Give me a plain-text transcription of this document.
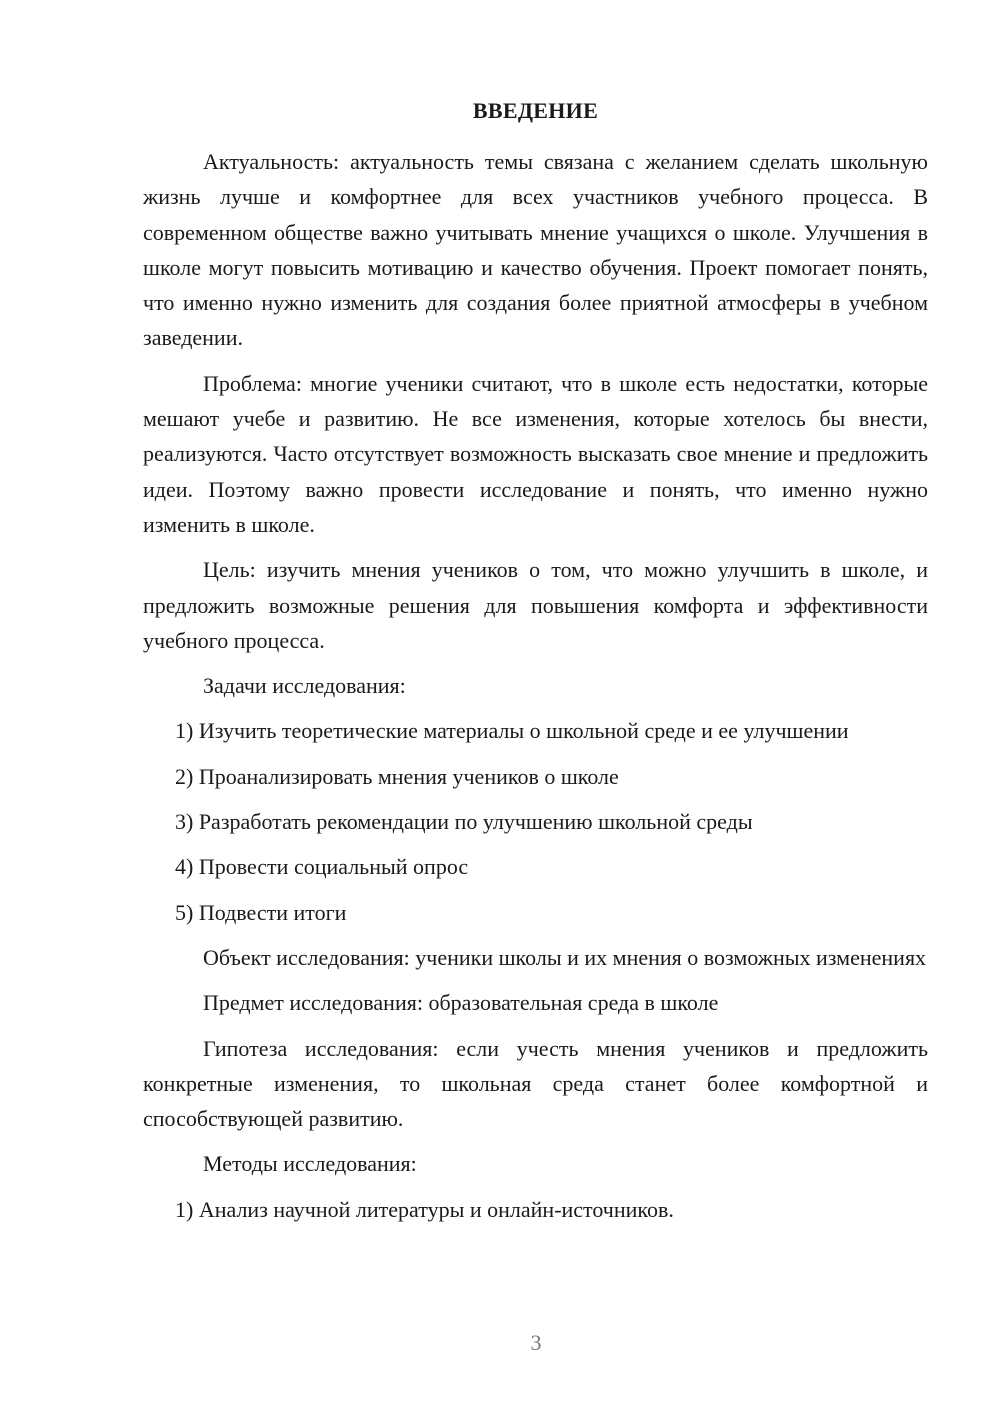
ВВЕДЕНИЕ

Актуальность: актуальность темы связана с желанием сделать школьную жизнь лучше и комфортнее для всех участников учебного процесса. В современном обществе важно учитывать мнение учащихся о школе. Улучшения в школе могут повысить мотивацию и качество обучения. Проект помогает понять, что именно нужно изменить для создания более приятной атмосферы в учебном заведении.

Проблема: многие ученики считают, что в школе есть недостатки, которые мешают учебе и развитию. Не все изменения, которые хотелось бы внести, реализуются. Часто отсутствует возможность высказать свое мнение и предложить идеи. Поэтому важно провести исследование и понять, что именно нужно изменить в школе.

Цель: изучить мнения учеников о том, что можно улучшить в школе, и предложить возможные решения для повышения комфорта и эффективности учебного процесса.

Задачи исследования:

1) Изучить теоретические материалы о школьной среде и ее улучшении
2) Проанализировать мнения учеников о школе
3) Разработать рекомендации по улучшению школьной среды
4) Провести социальный опрос
5) Подвести итоги

Объект исследования: ученики школы и их мнения о возможных изменениях

Предмет исследования: образовательная среда в школе

Гипотеза исследования: если учесть мнения учеников и предложить конкретные изменения, то школьная среда станет более комфортной и способствующей развитию.

Методы исследования:

1) Анализ научной литературы и онлайн-источников.
3
